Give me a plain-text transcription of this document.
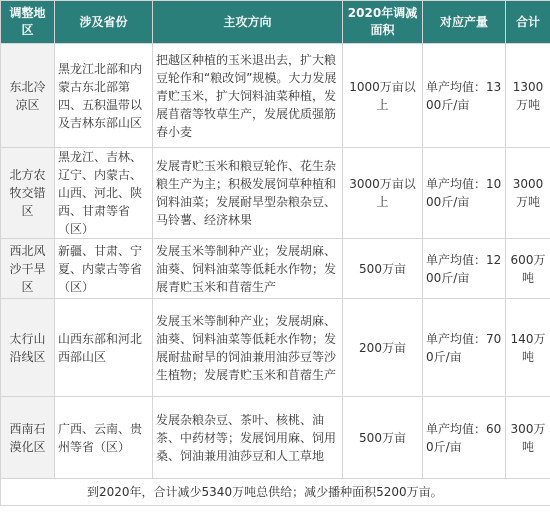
调整地区	涉及省份	主攻方向	2020年调减面积	对应产量	合计
东北冷凉区	黑龙江北部和内蒙古东北部第四、五积温带以及吉林东部山区	把越区种植的玉米退出去，扩大粮豆轮作和“粮改饲”规模。大力发展青贮玉米，扩大饲料油菜种植，发展苜蓿等牧草生产，发展优质强筋春小麦	1000万亩以上	单产均值：1300斤/亩	1300万吨
北方农牧交错区	黑龙江、吉林、辽宁、内蒙古、山西、河北、陕西、甘肃等省（区）	发展青贮玉米和粮豆轮作、花生杂粮生产为主；积极发展饲草种植和饲料油菜；发展耐旱型杂粮杂豆、马铃薯、经济林果	3000万亩以上	单产均值：1000斤/亩	3000万吨
西北风沙干旱区	新疆、甘肃、宁夏、内蒙古等省（区）	发展玉米等制种产业；发展胡麻、油葵、饲料油菜等低耗水作物；发展青贮玉米和苜蓿生产	500万亩	单产均值：1200斤/亩	600万吨
太行山沿线区	山西东部和河北西部山区	发展玉米等制种产业；发展胡麻、油葵、饲料油菜等低耗水作物；发展耐盐耐旱的饲油兼用油莎豆等沙生植物；发展青贮玉米和苜蓿生产	200万亩	单产均值：700斤/亩	140万吨
西南石漠化区	广西、云南、贵州等省（区）	发展杂粮杂豆、茶叶、核桃、油茶、中药材等；发展饲用麻、饲用桑、饲油兼用油莎豆和人工草地	500万亩	单产均值：600斤/亩	300万吨
到2020年，合计减少5340万吨总供给；减少播种面积5200万亩。					
